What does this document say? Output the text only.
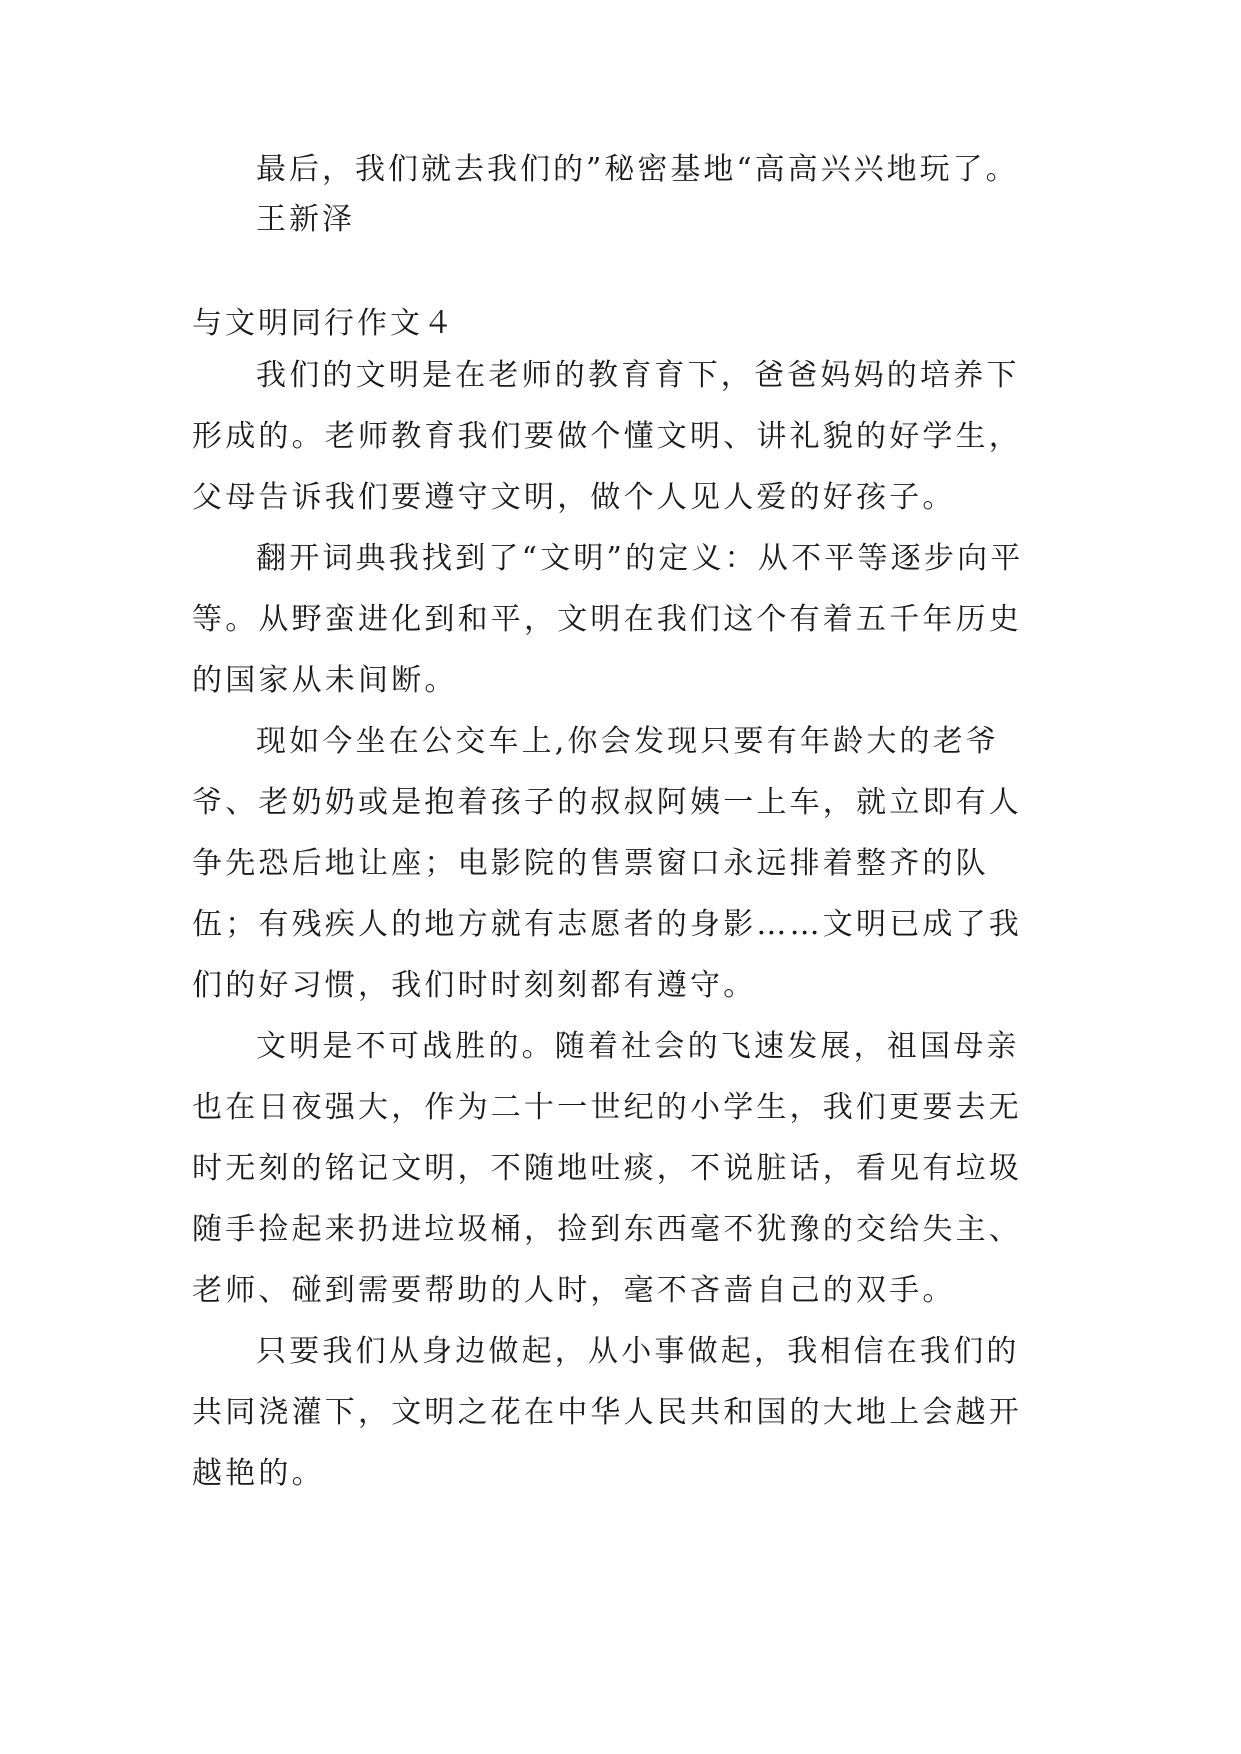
最后，我们就去我们的”秘密基地“高高兴兴地玩了。
王新泽
与文明同行作文４

我们的文明是在老师的教育育下，爸爸妈妈的培养下形成的。老师教育我们要做个懂文明、讲礼貌的好学生，父母告诉我们要遵守文明，做个人见人爱的好孩子。

翻开词典我找到了“文明”的定义：从不平等逐步向平等。从野蛮进化到和平，文明在我们这个有着五千年历史的国家从未间断。

现如今坐在公交车上,你会发现只要有年龄大的老爷爷、老奶奶或是抱着孩子的叔叔阿姨一上车，就立即有人争先恐后地让座；电影院的售票窗口永远排着整齐的队伍；有残疾人的地方就有志愿者的身影……文明已成了我们的好习惯，我们时时刻刻都有遵守。

文明是不可战胜的。随着社会的飞速发展，祖国母亲也在日夜强大，作为二十一世纪的小学生，我们更要去无时无刻的铭记文明，不随地吐痰，不说脏话，看见有垃圾随手捡起来扔进垃圾桶，捡到东西毫不犹豫的交给失主、老师、碰到需要帮助的人时，毫不吝啬自己的双手。

只要我们从身边做起，从小事做起，我相信在我们的共同浇灌下，文明之花在中华人民共和国的大地上会越开越艳的。
